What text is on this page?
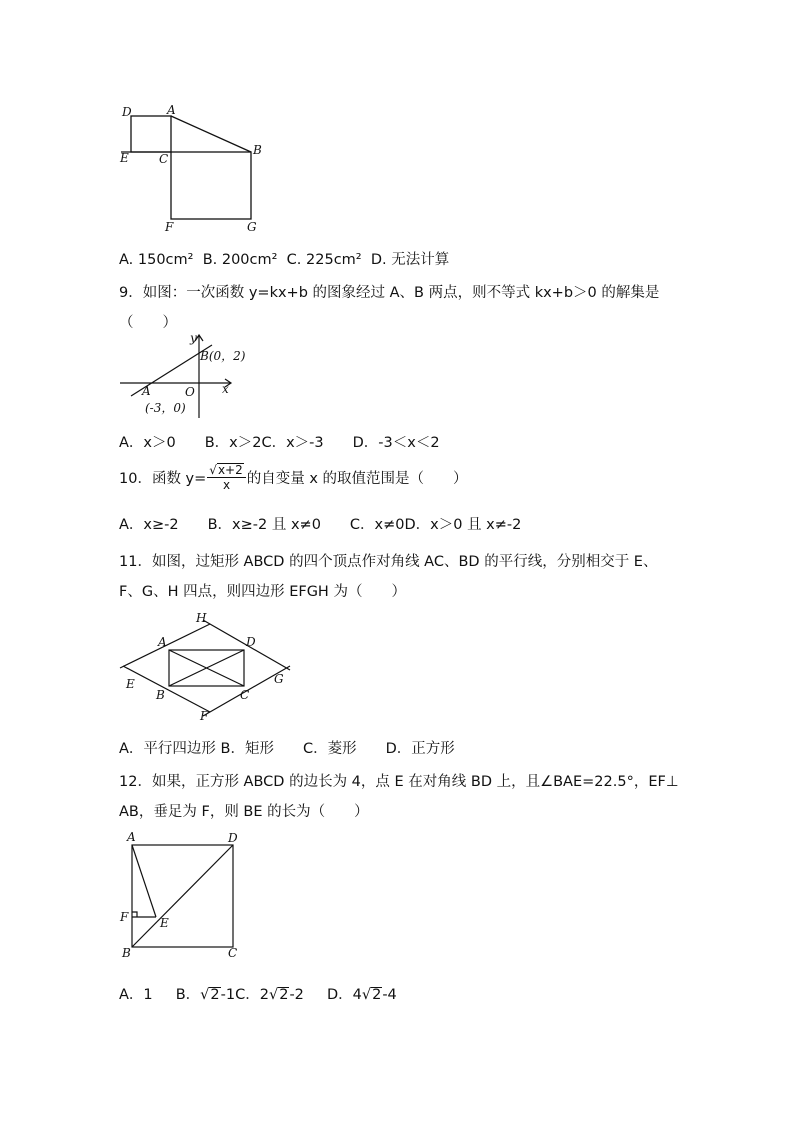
D	A
E	C
B
F	G
A. 150cm² B. 200cm² C. 225cm² D. 无法计算
9．如图：一次函数 y=kx+b 的图象经过 A、B 两点，则不等式 kx+b＞0 的解集是
（　　）
y
x
B(0，2)
A	O
(-3，0)
A．x＞0　　B．x＞2C．x＞-3　　D．-3＜x＜2
10．函数 $y= \frac{√x+2}{x}$ 的自变量 x 的取值范围是（　　）
A．x≥-2　　B．x≥-2 且 x≠0　　C．x≠0D．x＞0 且 x≠-2
11．如图，过矩形 ABCD 的四个顶点作对角线 AC、BD 的平行线，分别相交于 E、
F、G、H 四点，则四边形 EFGH 为（　　）
H
A	D
E
B	C
G
F
A．平行四边形 B．矩形　　C．菱形　　D．正方形
12．如果，正方形 ABCD 的边长为 4，点 E 在对角线 BD 上，且∠BAE=22.5°，EF⊥
AB，垂足为 F，则 BE 的长为（　　）
A	D
F	E
B	C
A．1 B．√2-1C．2√2-2 D．4√2-4
